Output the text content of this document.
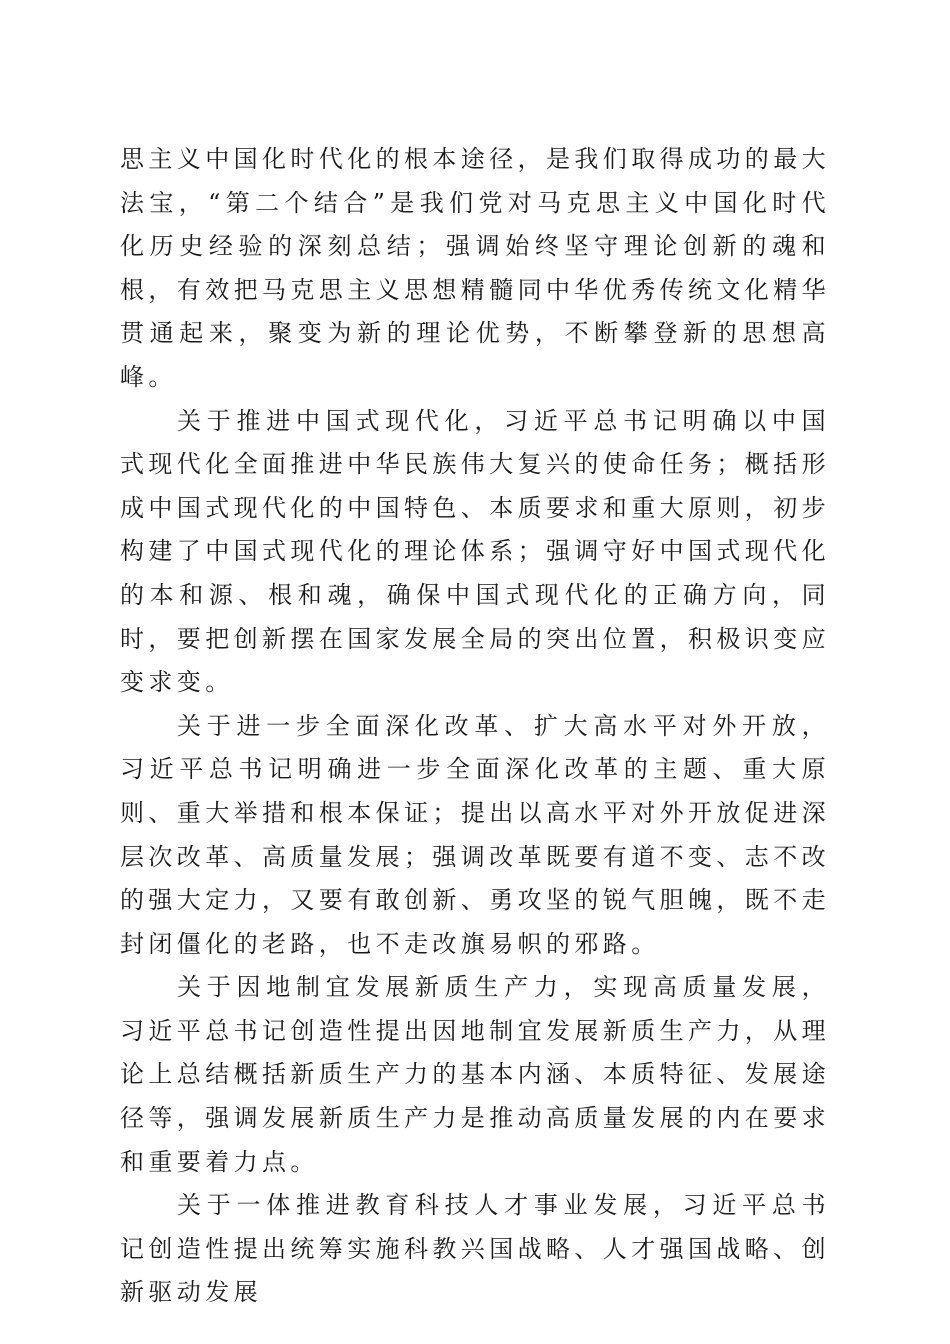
思主义中国化时代化的根本途径，是我们取得成功的最大法宝，“第二个结合”是我们党对马克思主义中国化时代化历史经验的深刻总结；强调始终坚守理论创新的魂和根，有效把马克思主义思想精髓同中华优秀传统文化精华贯通起来，聚变为新的理论优势，不断攀登新的思想高峰。

关于推进中国式现代化，习近平总书记明确以中国式现代化全面推进中华民族伟大复兴的使命任务；概括形成中国式现代化的中国特色、本质要求和重大原则，初步构建了中国式现代化的理论体系；强调守好中国式现代化的本和源、根和魂，确保中国式现代化的正确方向，同时，要把创新摆在国家发展全局的突出位置，积极识变应变求变。

关于进一步全面深化改革、扩大高水平对外开放，习近平总书记明确进一步全面深化改革的主题、重大原则、重大举措和根本保证；提出以高水平对外开放促进深层次改革、高质量发展；强调改革既要有道不变、志不改的强大定力，又要有敢创新、勇攻坚的锐气胆魄，既不走封闭僵化的老路，也不走改旗易帜的邪路。

关于因地制宜发展新质生产力，实现高质量发展，习近平总书记创造性提出因地制宜发展新质生产力，从理论上总结概括新质生产力的基本内涵、本质特征、发展途径等，强调发展新质生产力是推动高质量发展的内在要求和重要着力点。

关于一体推进教育科技人才事业发展，习近平总书记创造性提出统筹实施科教兴国战略、人才强国战略、创新驱动发展
